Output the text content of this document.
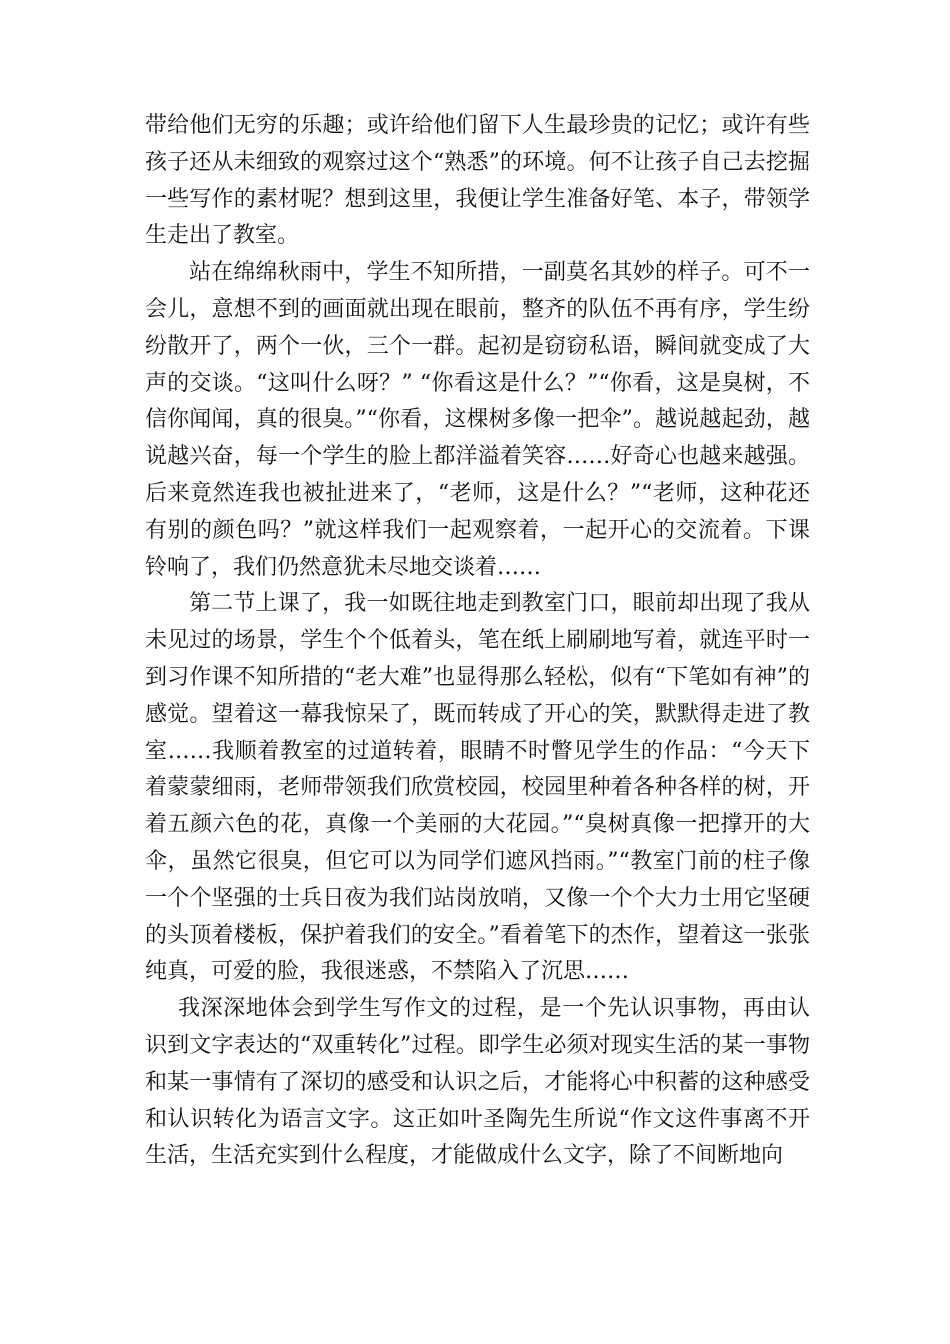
带给他们无穷的乐趣；或许给他们留下人生最珍贵的记忆；或许有些孩子还从未细致的观察过这个“熟悉”的环境。何不让孩子自己去挖掘一些写作的素材呢？想到这里，我便让学生准备好笔、本子，带领学生走出了教室。

站在绵绵秋雨中，学生不知所措，一副莫名其妙的样子。可不一会儿，意想不到的画面就出现在眼前，整齐的队伍不再有序，学生纷纷散开了，两个一伙，三个一群。起初是窃窃私语，瞬间就变成了大声的交谈。“这叫什么呀？” “你看这是什么？”“你看，这是臭树，不信你闻闻，真的很臭。”“你看，这棵树多像一把伞”。越说越起劲，越说越兴奋，每一个学生的脸上都洋溢着笑容……好奇心也越来越强。后来竟然连我也被扯进来了，“老师，这是什么？”“老师，这种花还有别的颜色吗？”就这样我们一起观察着，一起开心的交流着。下课铃响了，我们仍然意犹未尽地交谈着……

第二节上课了，我一如既往地走到教室门口，眼前却出现了我从未见过的场景，学生个个低着头，笔在纸上刷刷地写着，就连平时一到习作课不知所措的“老大难”也显得那么轻松，似有“下笔如有神”的感觉。望着这一幕我惊呆了，既而转成了开心的笑，默默得走进了教室……我顺着教室的过道转着，眼睛不时瞥见学生的作品：“今天下着蒙蒙细雨，老师带领我们欣赏校园，校园里种着各种各样的树，开着五颜六色的花，真像一个美丽的大花园。”“臭树真像一把撑开的大伞，虽然它很臭，但它可以为同学们遮风挡雨。”“教室门前的柱子像一个个坚强的士兵日夜为我们站岗放哨，又像一个个大力士用它坚硬的头顶着楼板，保护着我们的安全。”看着笔下的杰作，望着这一张张纯真，可爱的脸，我很迷惑，不禁陷入了沉思……

我深深地体会到学生写作文的过程，是一个先认识事物，再由认识到文字表达的“双重转化”过程。即学生必须对现实生活的某一事物和某一事情有了深切的感受和认识之后，才能将心中积蓄的这种感受和认识转化为语言文字。这正如叶圣陶先生所说“作文这件事离不开生活，生活充实到什么程度，才能做成什么文字，除了不间断地向
